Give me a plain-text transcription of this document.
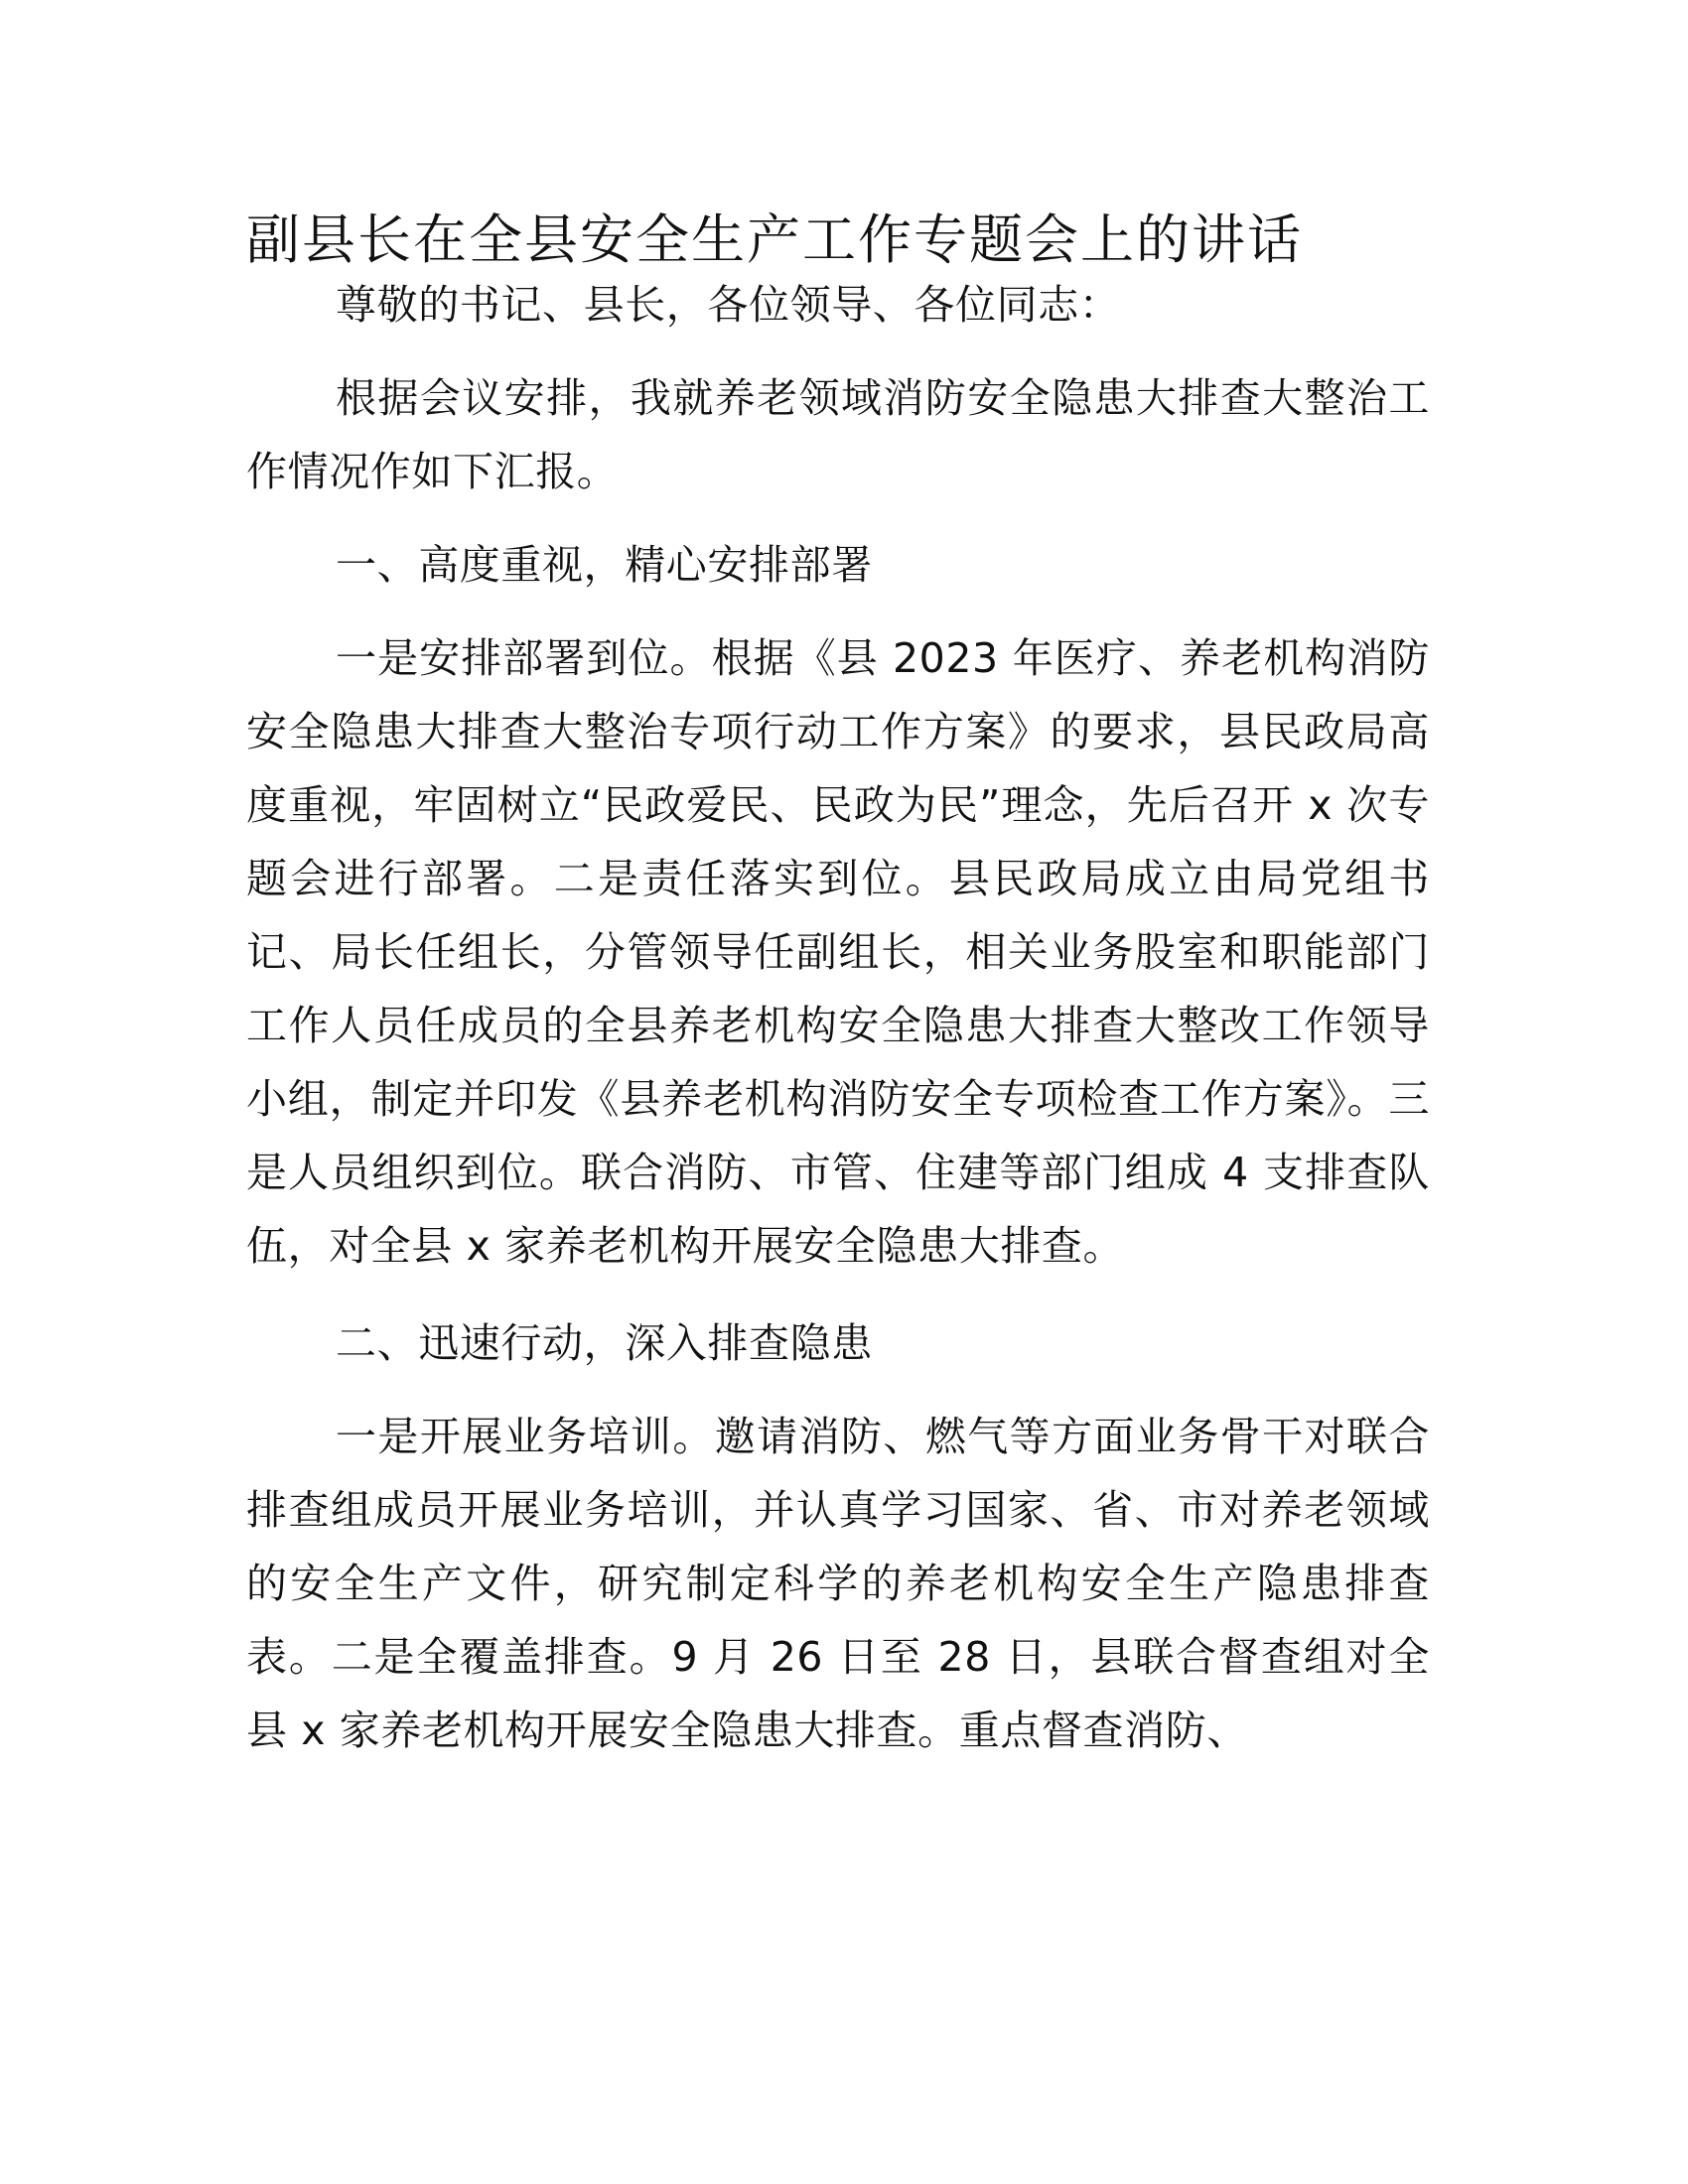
副县长在全县安全生产工作专题会上的讲话

尊敬的书记、县长，各位领导、各位同志：

根据会议安排，我就养老领域消防安全隐患大排查大整治工作情况作如下汇报。

一、高度重视，精心安排部署

一是安排部署到位。根据《县 2023 年医疗、养老机构消防安全隐患大排查大整治专项行动工作方案》的要求，县民政局高度重视，牢固树立“民政爱民、民政为民”理念，先后召开 x 次专题会进行部署。二是责任落实到位。县民政局成立由局党组书记、局长任组长，分管领导任副组长，相关业务股室和职能部门工作人员任成员的全县养老机构安全隐患大排查大整改工作领导小组，制定并印发《县养老机构消防安全专项检查工作方案》。三是人员组织到位。联合消防、市管、住建等部门组成 4 支排查队伍，对全县 x 家养老机构开展安全隐患大排查。

二、迅速行动，深入排查隐患

一是开展业务培训。邀请消防、燃气等方面业务骨干对联合排查组成员开展业务培训，并认真学习国家、省、市对养老领域的安全生产文件，研究制定科学的养老机构安全生产隐患排查表。二是全覆盖排查。9 月 26 日至 28 日，县联合督查组对全县 x 家养老机构开展安全隐患大排查。重点督查消防、
